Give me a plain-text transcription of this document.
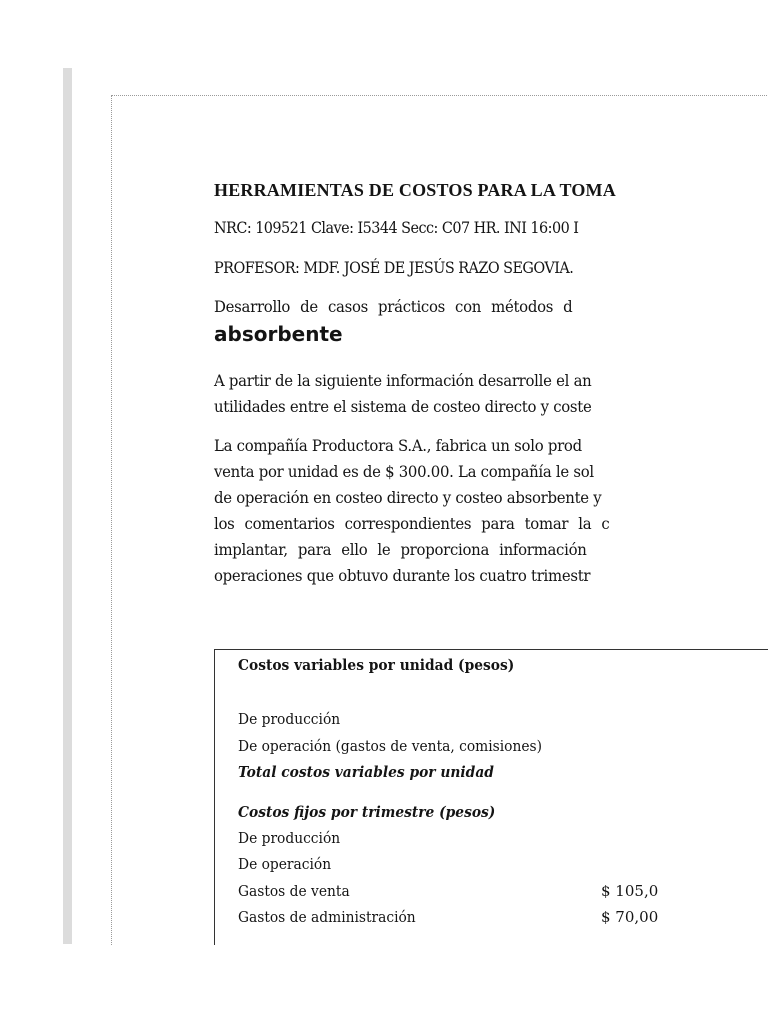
HERRAMIENTAS DE COSTOS PARA LA TOMA
NRC: 109521 Clave: I5344 Secc: C07 HR. INI 16:00 I
PROFESOR: MDF. JOSÉ DE JESÚS RAZO SEGOVIA.
Desarrollo de casos prácticos con métodos d
absorbente
A partir de la siguiente información desarrolle el an
utilidades entre el sistema de costeo directo y coste
La compañía Productora S.A., fabrica un solo prod
venta por unidad es de $ 300.00. La compañía le sol
de operación en costeo directo y costeo absorbente y
los comentarios correspondientes para tomar la c
implantar, para ello le proporciona información
operaciones que obtuvo durante los cuatro trimestr
Costos variables por unidad (pesos)
De producción
De operación (gastos de venta, comisiones)
Total costos variables por unidad
Costos fijos por trimestre (pesos)
De producción
De operación
Gastos de venta	$ 105,0
Gastos de administración	$ 70,00
